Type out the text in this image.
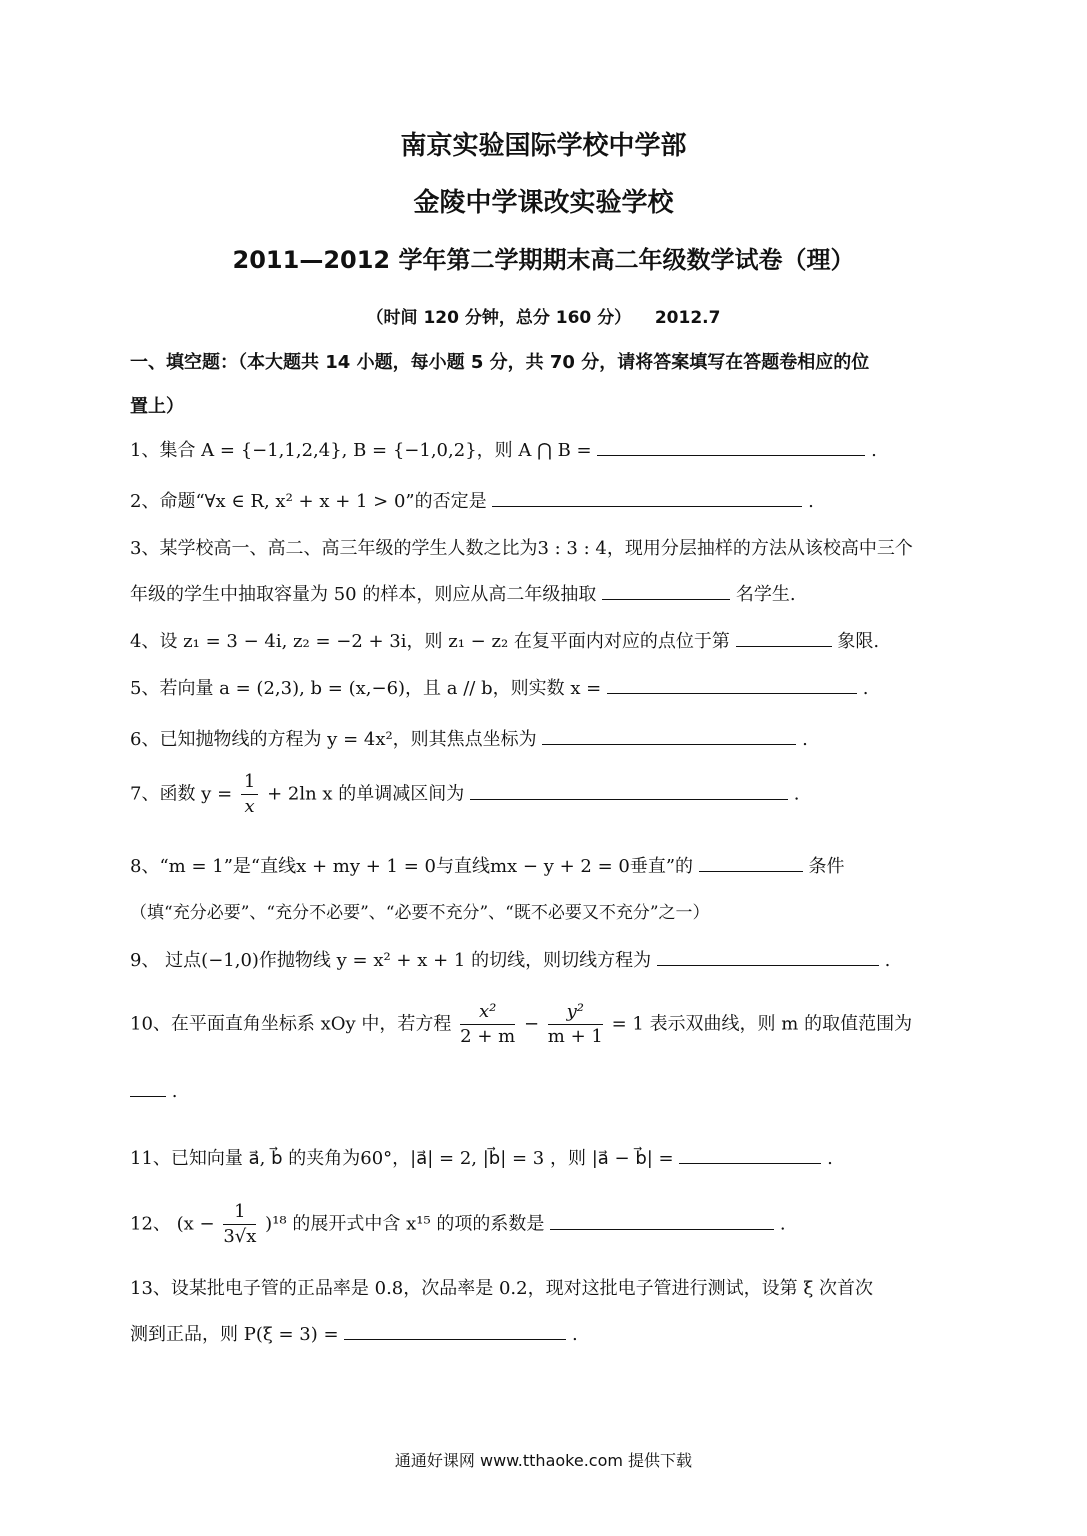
南京实验国际学校中学部
金陵中学课改实验学校
2011—2012 学年第二学期期末高二年级数学试卷（理）
（时间 120 分钟，总分 160 分）    2012.7
一、填空题：（本大题共 14 小题，每小题 5 分，共 70 分，请将答案填写在答题卷相应的位
置上）
1、集合 A = {−1,1,2,4}, B = {−1,0,2}，则 A ⋂ B =	.
2、命题“∀x ∈ R, x² + x + 1 > 0”的否定是	.
3、某学校高一、高二、高三年级的学生人数之比为3 : 3 : 4，现用分层抽样的方法从该校高中三个
年级的学生中抽取容量为 50 的样本，则应从高二年级抽取	名学生.
4、设 z₁ = 3 − 4i, z₂ = −2 + 3i，则 z₁ − z₂ 在复平面内对应的点位于第	象限.
5、若向量 a = (2,3), b = (x,−6)，且 a // b，则实数 x =	.
6、已知抛物线的方程为 y = 4x²，则其焦点坐标为	.
7、函数 $y = \frac{1}{x} + 2\ln$ x 的单调减区间为	.
8、“m = 1”是“直线x + my + 1 = 0与直线mx − y + 2 = 0垂直”的	条件
（填“充分必要”、“充分不必要”、“必要不充分”、“既不必要又不充分”之一）
9、 过点(−1,0)作抛物线 y = x² + x + 1 的切线，则切线方程为	.
10、在平面直角坐标系 xOy 中，若方程 $\frac{\text{x²}}{2 + m} - \frac{\text{y²}}{m + 1} = 1$ 表示双曲线，则 m 的取值范围为
.
11、已知向量 a⃗, b⃗ 的夹角为60°，|a⃗| = 2, |b⃗| = 3 ，则 |a⃗ − b⃗| =	.
12、 $(x - \frac{1}{3√x} )^{18}$ 的展开式中含 x¹⁵ 的项的系数是	.
13、设某批电子管的正品率是 0.8，次品率是 0.2，现对这批电子管进行测试，设第 ξ 次首次
测到正品，则 P(ξ = 3) =	.
通通好课网 www.tthaoke.com 提供下载
